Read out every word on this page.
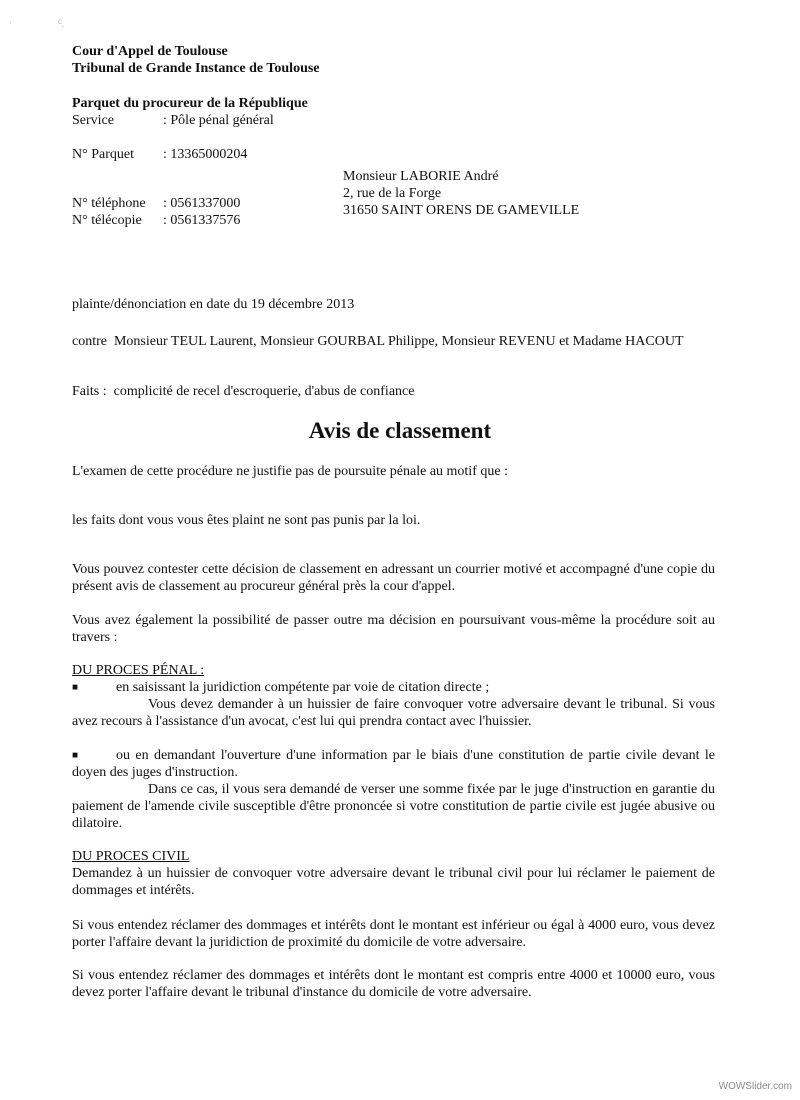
'	c
'
Cour d'Appel de Toulouse
Tribunal de Grande Instance de Toulouse
Parquet du procureur de la République
Service	: Pôle pénal général
N° Parquet	: 13365000204
N° téléphone	: 0561337000
N° télécopie	: 0561337576
Monsieur LABORIE André
2, rue de la Forge
31650 SAINT ORENS DE GAMEVILLE
plainte/dénonciation en date du 19 décembre 2013
contre  Monsieur TEUL Laurent, Monsieur GOURBAL Philippe, Monsieur REVENU et Madame HACOUT
Faits :  complicité de recel d'escroquerie, d'abus de confiance
Avis de classement
L'examen de cette procédure ne justifie pas de poursuite pénale au motif que :
les faits dont vous vous êtes plaint ne sont pas punis par la loi.
Vous pouvez contester cette décision de classement en adressant un courrier motivé et accompagné d'une copie du présent avis de classement au procureur général près la cour d'appel.
Vous avez également la possibilité de passer outre ma décision en poursuivant vous-même la procédure soit au travers :
DU PROCES PÉNAL :
■	en saisissant la juridiction compétente par voie de citation directe ;
Vous devez demander à un huissier de faire convoquer votre adversaire devant le tribunal. Si vous avez recours à l'assistance d'un avocat, c'est lui qui prendra contact avec l'huissier.
■	ou en demandant l'ouverture d'une information par le biais d'une constitution de partie civile devant le doyen des juges d'instruction.
Dans ce cas, il vous sera demandé de verser une somme fixée par le juge d'instruction en garantie du paiement de l'amende civile susceptible d'être prononcée si votre constitution de partie civile est jugée abusive ou dilatoire.
DU PROCES CIVIL
Demandez à un huissier de convoquer votre adversaire devant le tribunal civil pour lui réclamer le paiement de dommages et intérêts.
Si vous entendez réclamer des dommages et intérêts dont le montant est inférieur ou égal à 4000 euro, vous devez porter l'affaire devant la juridiction de proximité du domicile de votre adversaire.
Si vous entendez réclamer des dommages et intérêts dont le montant est compris entre 4000 et 10000 euro, vous devez porter l'affaire devant le tribunal d'instance du domicile de votre adversaire.
WOWSlider.com
